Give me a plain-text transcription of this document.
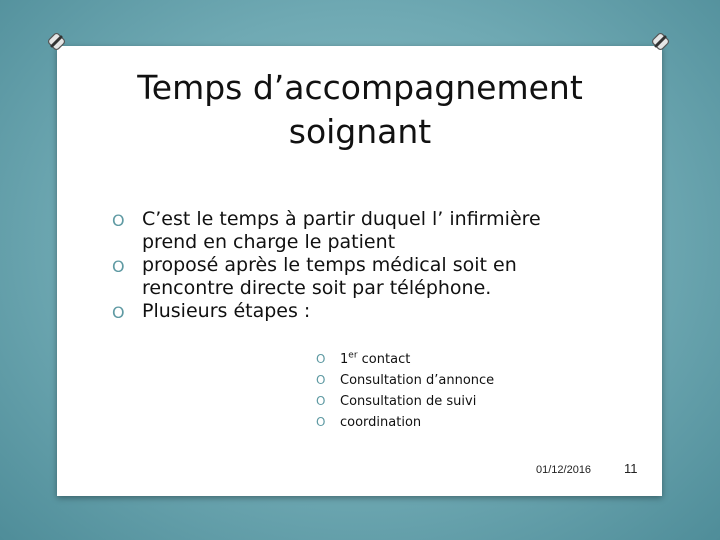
Temps d’accompagnement
soignant

O C’est le temps à partir duquel l’ infirmière prend en charge le patient

O proposé après le temps médical soit en rencontre directe soit par téléphone.

O Plusieurs étapes :

O 1er contact
O Consultation d’annonce
O Consultation de suivi
O coordination
01/12/2016	11
